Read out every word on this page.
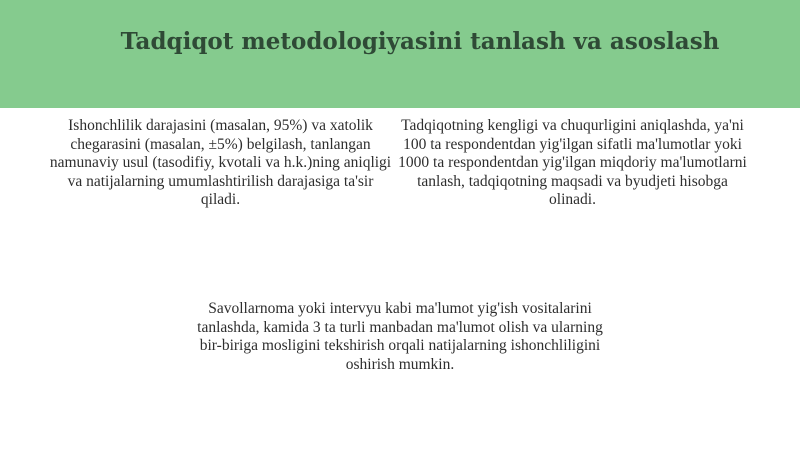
Tadqiqot metodologiyasini tanlash va asoslash

Ishonchlilik darajasini (masalan, 95%) va xatolik chegarasini (masalan, ±5%) belgilash, tanlangan namunaviy usul (tasodifiy, kvotali va h.k.)ning aniqligi va natijalarning umumlashtirilish darajasiga ta'sir qiladi.

Tadqiqotning kengligi va chuqurligini aniqlashda, ya'ni 100 ta respondentdan yig'ilgan sifatli ma'lumotlar yoki 1000 ta respondentdan yig'ilgan miqdoriy ma'lumotlarni tanlash, tadqiqotning maqsadi va byudjeti hisobga olinadi.

Savollarnoma yoki intervyu kabi ma'lumot yig'ish vositalarini
tanlashda, kamida 3 ta turli manbadan ma'lumot olish va ularning
bir-biriga mosligini tekshirish orqali natijalarning ishonchliligini
oshirish mumkin.
